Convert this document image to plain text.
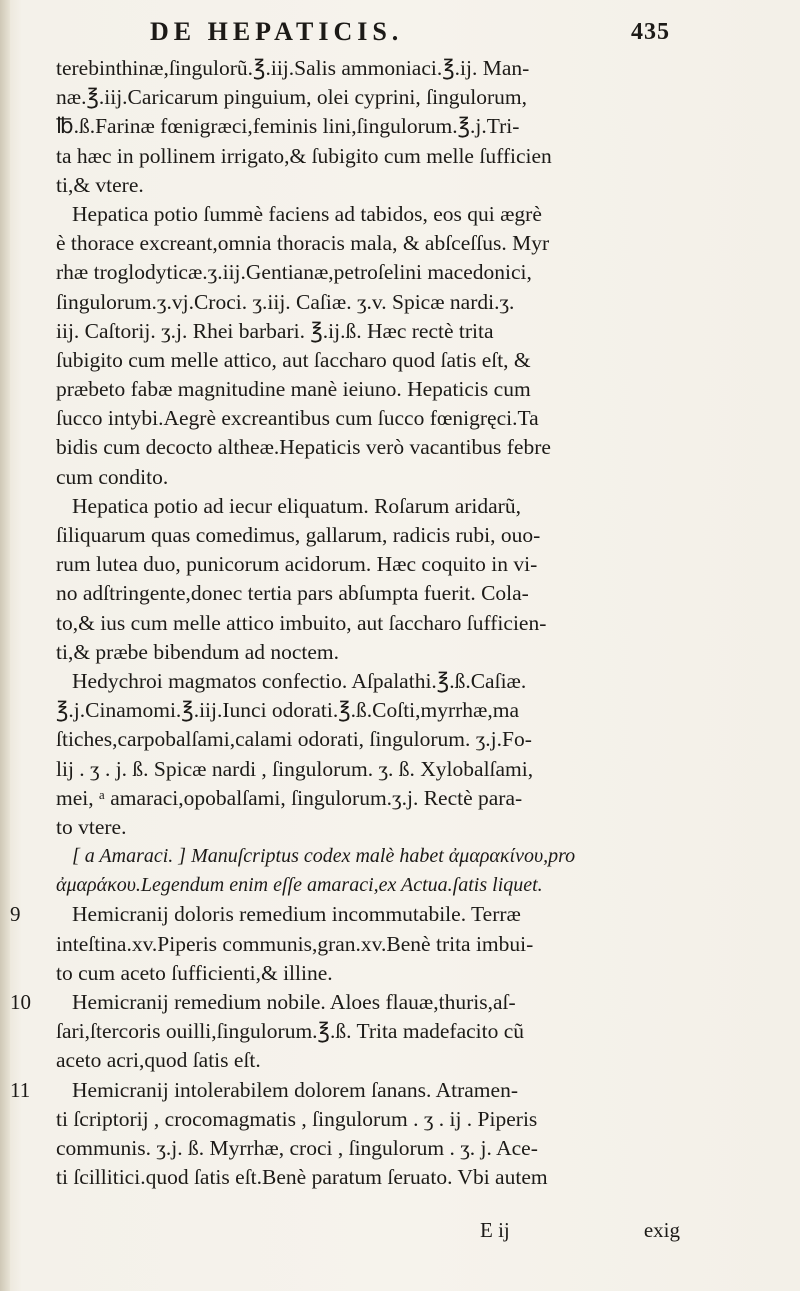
DE HEPATICIS.	435
terebinthinæ,ſingulorũ.℥.iij.Salis ammoniaci.℥.ij. Man-
næ.℥.iij.Caricarum pinguium, olei cyprini, ſingulorum,
℔.ß.Farinæ fœnigræci,feminis lini,ſingulorum.℥.j.Tri-
ta hæc in pollinem irrigato,& ſubigito cum melle ſufficien
ti,& vtere.
Hepatica potio ſummè faciens ad tabidos, eos qui ægrè
è thorace excreant,omnia thoracis mala, & abſceſſus. Myr
rhæ troglodyticæ.ʒ.iij.Gentianæ,petroſelini macedonici,
ſingulorum.ʒ.vj.Croci. ʒ.iij. Caſiæ. ʒ.v. Spicæ nardi.ʒ.
iij. Caſtorij. ʒ.j. Rhei barbari. ℥.ij.ß. Hæc rectè trita
ſubigito cum melle attico, aut ſaccharo quod ſatis eſt, &
præbeto fabæ magnitudine manè ieiuno. Hepaticis cum
ſucco intybi.Aegrè excreantibus cum ſucco fœnigręci.Ta
bidis cum decocto altheæ.Hepaticis verò vacantibus febre
cum condito.
Hepatica potio ad iecur eliquatum. Roſarum aridarũ,
ſiliquarum quas comedimus, gallarum, radicis rubi, ouo-
rum lutea duo, punicorum acidorum. Hæc coquito in vi-
no adſtringente,donec tertia pars abſumpta fuerit. Cola-
to,& ius cum melle attico imbuito, aut ſaccharo ſufficien-
ti,& præbe bibendum ad noctem.
Hedychroi magmatos confectio. Aſpalathi.℥.ß.Caſiæ.
℥.j.Cinamomi.℥.iij.Iunci odorati.℥.ß.Coſti,myrrhæ,ma
ſtiches,carpobalſami,calami odorati, ſingulorum. ʒ.j.Fo-
lij . ʒ . j. ß. Spicæ nardi , ſingulorum. ʒ. ß. Xylobalſami,
mei, ᵃ amaraci,opobalſami, ſingulorum.ʒ.j. Rectè para-
to vtere.
[ a Amaraci. ] Manuſcriptus codex malè habet ἀμαρακίνου,pro
ἀμαράκου.Legendum enim eſſe amaraci,ex Actua.ſatis liquet.
9	Hemicranij doloris remedium incommutabile. Terræ
inteſtina.xv.Piperis communis,gran.xv.Benè trita imbui-
to cum aceto ſufficienti,& illine.
10	Hemicranij remedium nobile. Aloes flauæ,thuris,aſ-
ſari,ſtercoris ouilli,ſingulorum.℥.ß. Trita madefacito cũ
aceto acri,quod ſatis eſt.
11	Hemicranij intolerabilem dolorem ſanans. Atramen-
ti ſcriptorij , crocomagmatis , ſingulorum . ʒ . ij . Piperis
communis. ʒ.j. ß. Myrrhæ, croci , ſingulorum . ʒ. j. Ace-
ti ſcillitici.quod ſatis eſt.Benè paratum ſeruato. Vbi autem
E ij	exig
